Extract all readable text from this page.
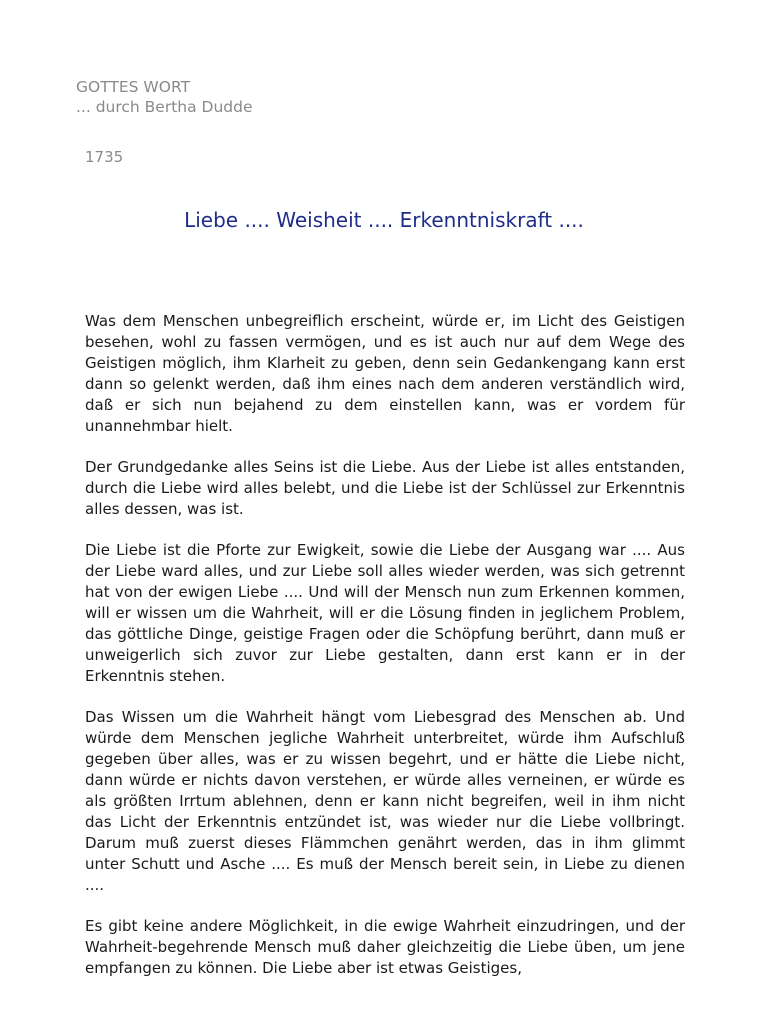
GOTTES WORT
... durch Bertha Dudde
1735
Liebe .... Weisheit .... Erkenntniskraft ....

Was dem Menschen unbegreiflich erscheint, würde er, im Licht des Geistigen besehen, wohl zu fassen vermögen, und es ist auch nur auf dem Wege des Geistigen möglich, ihm Klarheit zu geben, denn sein Gedankengang kann erst dann so gelenkt werden, daß ihm eines nach dem anderen verständlich wird, daß er sich nun bejahend zu dem einstellen kann, was er vordem für unannehmbar hielt.

Der Grundgedanke alles Seins ist die Liebe. Aus der Liebe ist alles entstanden, durch die Liebe wird alles belebt, und die Liebe ist der Schlüssel zur Erkenntnis alles dessen, was ist.

Die Liebe ist die Pforte zur Ewigkeit, sowie die Liebe der Ausgang war .... Aus der Liebe ward alles, und zur Liebe soll alles wieder werden, was sich getrennt hat von der ewigen Liebe .... Und will der Mensch nun zum Erkennen kommen, will er wissen um die Wahrheit, will er die Lösung finden in jeglichem Problem, das göttliche Dinge, geistige Fragen oder die Schöpfung berührt, dann muß er unweigerlich sich zuvor zur Liebe gestalten, dann erst kann er in der Erkenntnis stehen.

Das Wissen um die Wahrheit hängt vom Liebesgrad des Menschen ab. Und würde dem Menschen jegliche Wahrheit unterbreitet, würde ihm Aufschluß gegeben über alles, was er zu wissen begehrt, und er hätte die Liebe nicht, dann würde er nichts davon verstehen, er würde alles verneinen, er würde es als größten Irrtum ablehnen, denn er kann nicht begreifen, weil in ihm nicht das Licht der Erkenntnis entzündet ist, was wieder nur die Liebe vollbringt. Darum muß zuerst dieses Flämmchen genährt werden, das in ihm glimmt unter Schutt und Asche .... Es muß der Mensch bereit sein, in Liebe zu dienen ....

Es gibt keine andere Möglichkeit, in die ewige Wahrheit einzudringen, und der Wahrheit-begehrende Mensch muß daher gleichzeitig die Liebe üben, um jene empfangen zu können. Die Liebe aber ist etwas Geistiges,
